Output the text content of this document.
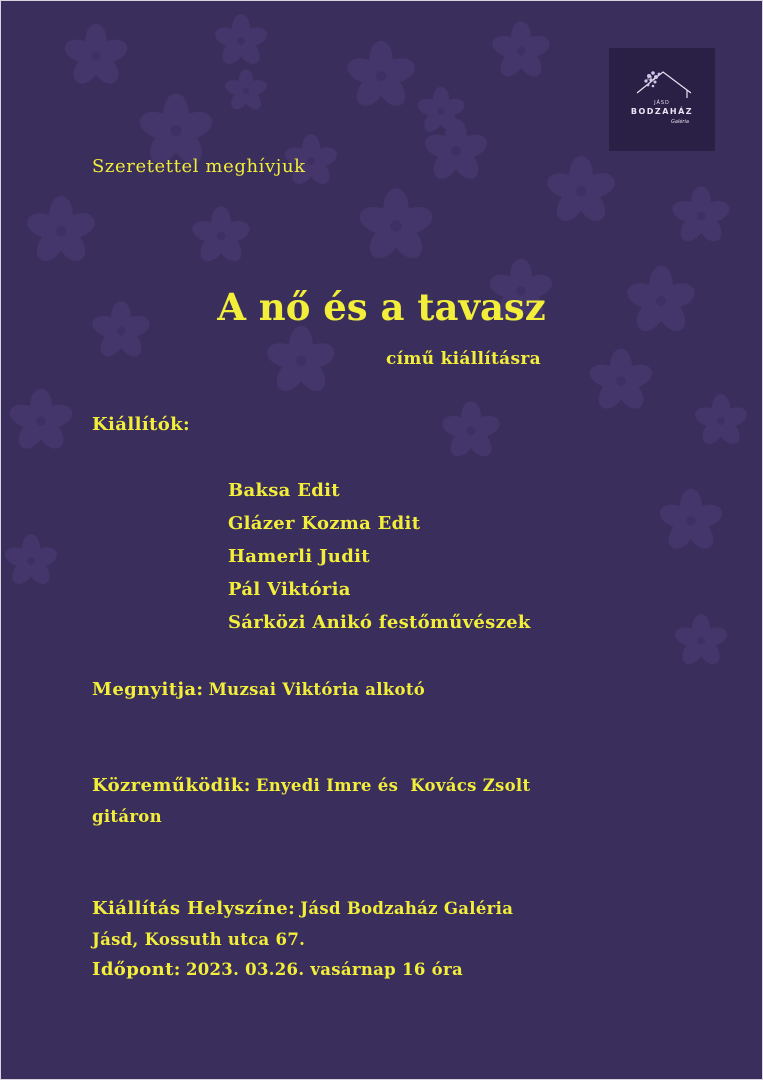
JÁSD
BODZAHÁZ
Galéria
Szeretettel meghívjuk
A nő és a tavasz
című kiállításra
Kiállítók:
Baksa Edit
Glázer Kozma Edit
Hamerli Judit
Pál Viktória
Sárközi Anikó festőművészek
Megnyitja: Muzsai Viktória alkotó
Közreműködik: Enyedi Imre és  Kovács Zsolt
gitáron
Kiállítás Helyszíne: Jásd Bodzaház Galéria
Jásd, Kossuth utca 67.
Időpont: 2023. 03.26. vasárnap 16 óra
